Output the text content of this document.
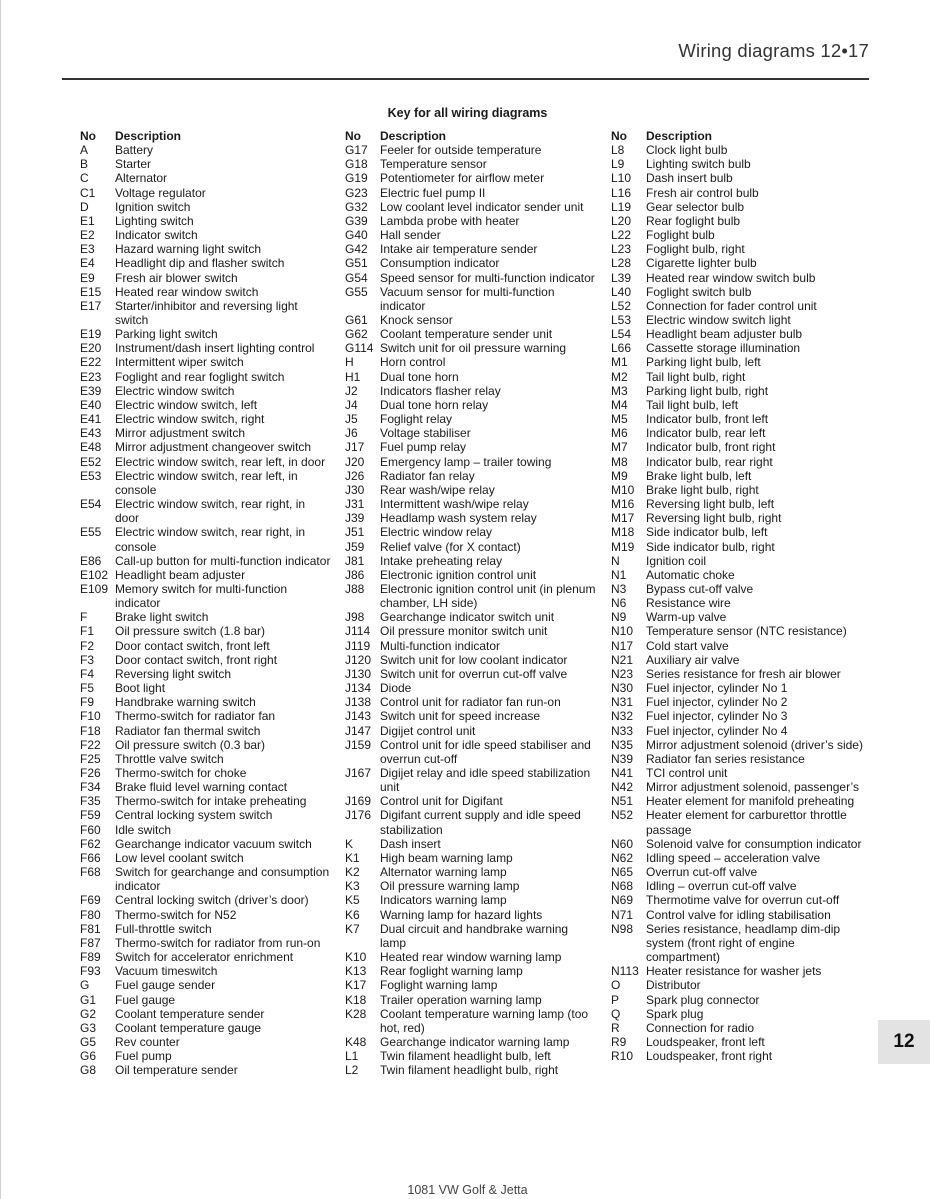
Wiring diagrams 12•17
Key for all wiring diagrams
No	Description
A	Battery
B	Starter
C	Alternator
C1	Voltage regulator
D	Ignition switch
E1	Lighting switch
E2	Indicator switch
E3	Hazard warning light switch
E4	Headlight dip and flasher switch
E9	Fresh air blower switch
E15	Heated rear window switch
E17	Starter/inhibitor and reversing light switch
E19	Parking light switch
E20	Instrument/dash insert lighting control
E22	Intermittent wiper switch
E23	Foglight and rear foglight switch
E39	Electric window switch
E40	Electric window switch, left
E41	Electric window switch, right
E43	Mirror adjustment switch
E48	Mirror adjustment changeover switch
E52	Electric window switch, rear left, in door
E53	Electric window switch, rear left, in console
E54	Electric window switch, rear right, in door
E55	Electric window switch, rear right, in console
E86	Call-up button for multi-function indicator
E102 Headlight beam adjuster
E109 Memory switch for multi-function indicator
F	Brake light switch
F1	Oil pressure switch (1.8 bar)
F2	Door contact switch, front left
F3	Door contact switch, front right
F4	Reversing light switch
F5	Boot light
F9	Handbrake warning switch
F10	Thermo-switch for radiator fan
F18	Radiator fan thermal switch
F22	Oil pressure switch (0.3 bar)
F25	Throttle valve switch
F26	Thermo-switch for choke
F34	Brake fluid level warning contact
F35	Thermo-switch for intake preheating
F59	Central locking system switch
F60	Idle switch
F62	Gearchange indicator vacuum switch
F66	Low level coolant switch
F68	Switch for gearchange and consumption indicator
F69	Central locking switch (driver’s door)
F80	Thermo-switch for N52
F81	Full-throttle switch
F87	Thermo-switch for radiator from run-on
F89	Switch for accelerator enrichment
F93	Vacuum timeswitch
G	Fuel gauge sender
G1	Fuel gauge
G2	Coolant temperature sender
G3	Coolant temperature gauge
G5	Rev counter
G6	Fuel pump
G8	Oil temperature sender
No	Description
G17	Feeler for outside temperature
G18	Temperature sensor
G19	Potentiometer for airflow meter
G23	Electric fuel pump II
G32	Low coolant level indicator sender unit
G39	Lambda probe with heater
G40	Hall sender
G42	Intake air temperature sender
G51	Consumption indicator
G54	Speed sensor for multi-function indicator
G55	Vacuum sensor for multi-function indicator
G61	Knock sensor
G62	Coolant temperature sender unit
G114 Switch unit for oil pressure warning
H	Horn control
H1	Dual tone horn
J2	Indicators flasher relay
J4	Dual tone horn relay
J5	Foglight relay
J6	Voltage stabiliser
J17	Fuel pump relay
J20	Emergency lamp – trailer towing
J26	Radiator fan relay
J30	Rear wash/wipe relay
J31	Intermittent wash/wipe relay
J39	Headlamp wash system relay
J51	Electric window relay
J59	Relief valve (for X contact)
J81	Intake preheating relay
J86	Electronic ignition control unit
J88	Electronic ignition control unit (in plenum chamber, LH side)
J98	Gearchange indicator switch unit
J114 Oil pressure monitor switch unit
J119 Multi-function indicator
J120 Switch unit for low coolant indicator
J130 Switch unit for overrun cut-off valve
J134 Diode
J138 Control unit for radiator fan run-on
J143 Switch unit for speed increase
J147 Digijet control unit
J159 Control unit for idle speed stabiliser and overrun cut-off
J167 Digijet relay and idle speed stabilization unit
J169 Control unit for Digifant
J176 Digifant current supply and idle speed stabilization
K	Dash insert
K1	High beam warning lamp
K2	Alternator warning lamp
K3	Oil pressure warning lamp
K5	Indicators warning lamp
K6	Warning lamp for hazard lights
K7	Dual circuit and handbrake warning lamp
K10	Heated rear window warning lamp
K13	Rear foglight warning lamp
K17	Foglight warning lamp
K18	Trailer operation warning lamp
K28	Coolant temperature warning lamp (too hot, red)
K48	Gearchange indicator warning lamp
L1	Twin filament headlight bulb, left
L2	Twin filament headlight bulb, right
No	Description
L8	Clock light bulb
L9	Lighting switch bulb
L10	Dash insert bulb
L16	Fresh air control bulb
L19	Gear selector bulb
L20	Rear foglight bulb
L22	Foglight bulb
L23	Foglight bulb, right
L28	Cigarette lighter bulb
L39	Heated rear window switch bulb
L40	Foglight switch bulb
L52	Connection for fader control unit
L53	Electric window switch light
L54	Headlight beam adjuster bulb
L66	Cassette storage illumination
M1	Parking light bulb, left
M2	Tail light bulb, right
M3	Parking light bulb, right
M4	Tail light bulb, left
M5	Indicator bulb, front left
M6	Indicator bulb, rear left
M7	Indicator bulb, front right
M8	Indicator bulb, rear right
M9	Brake light bulb, left
M10 Brake light bulb, right
M16 Reversing light bulb, left
M17 Reversing light bulb, right
M18 Side indicator bulb, left
M19 Side indicator bulb, right
N	Ignition coil
N1	Automatic choke
N3	Bypass cut-off valve
N6	Resistance wire
N9	Warm-up valve
N10	Temperature sensor (NTC resistance)
N17	Cold start valve
N21	Auxiliary air valve
N23	Series resistance for fresh air blower
N30	Fuel injector, cylinder No 1
N31	Fuel injector, cylinder No 2
N32	Fuel injector, cylinder No 3
N33	Fuel injector, cylinder No 4
N35	Mirror adjustment solenoid (driver’s side)
N39	Radiator fan series resistance
N41	TCI control unit
N42	Mirror adjustment solenoid, passenger’s
N51	Heater element for manifold preheating
N52	Heater element for carburettor throttle passage
N60	Solenoid valve for consumption indicator
N62	Idling speed – acceleration valve
N65	Overrun cut-off valve
N68	Idling – overrun cut-off valve
N69	Thermotime valve for overrun cut-off
N71	Control valve for idling stabilisation
N98	Series resistance, headlamp dim-dip system (front right of engine compartment)
N113 Heater resistance for washer jets
O	Distributor
P	Spark plug connector
Q	Spark plug
R	Connection for radio
R9	Loudspeaker, front left
R10	Loudspeaker, front right
12
1081 VW Golf & Jetta
